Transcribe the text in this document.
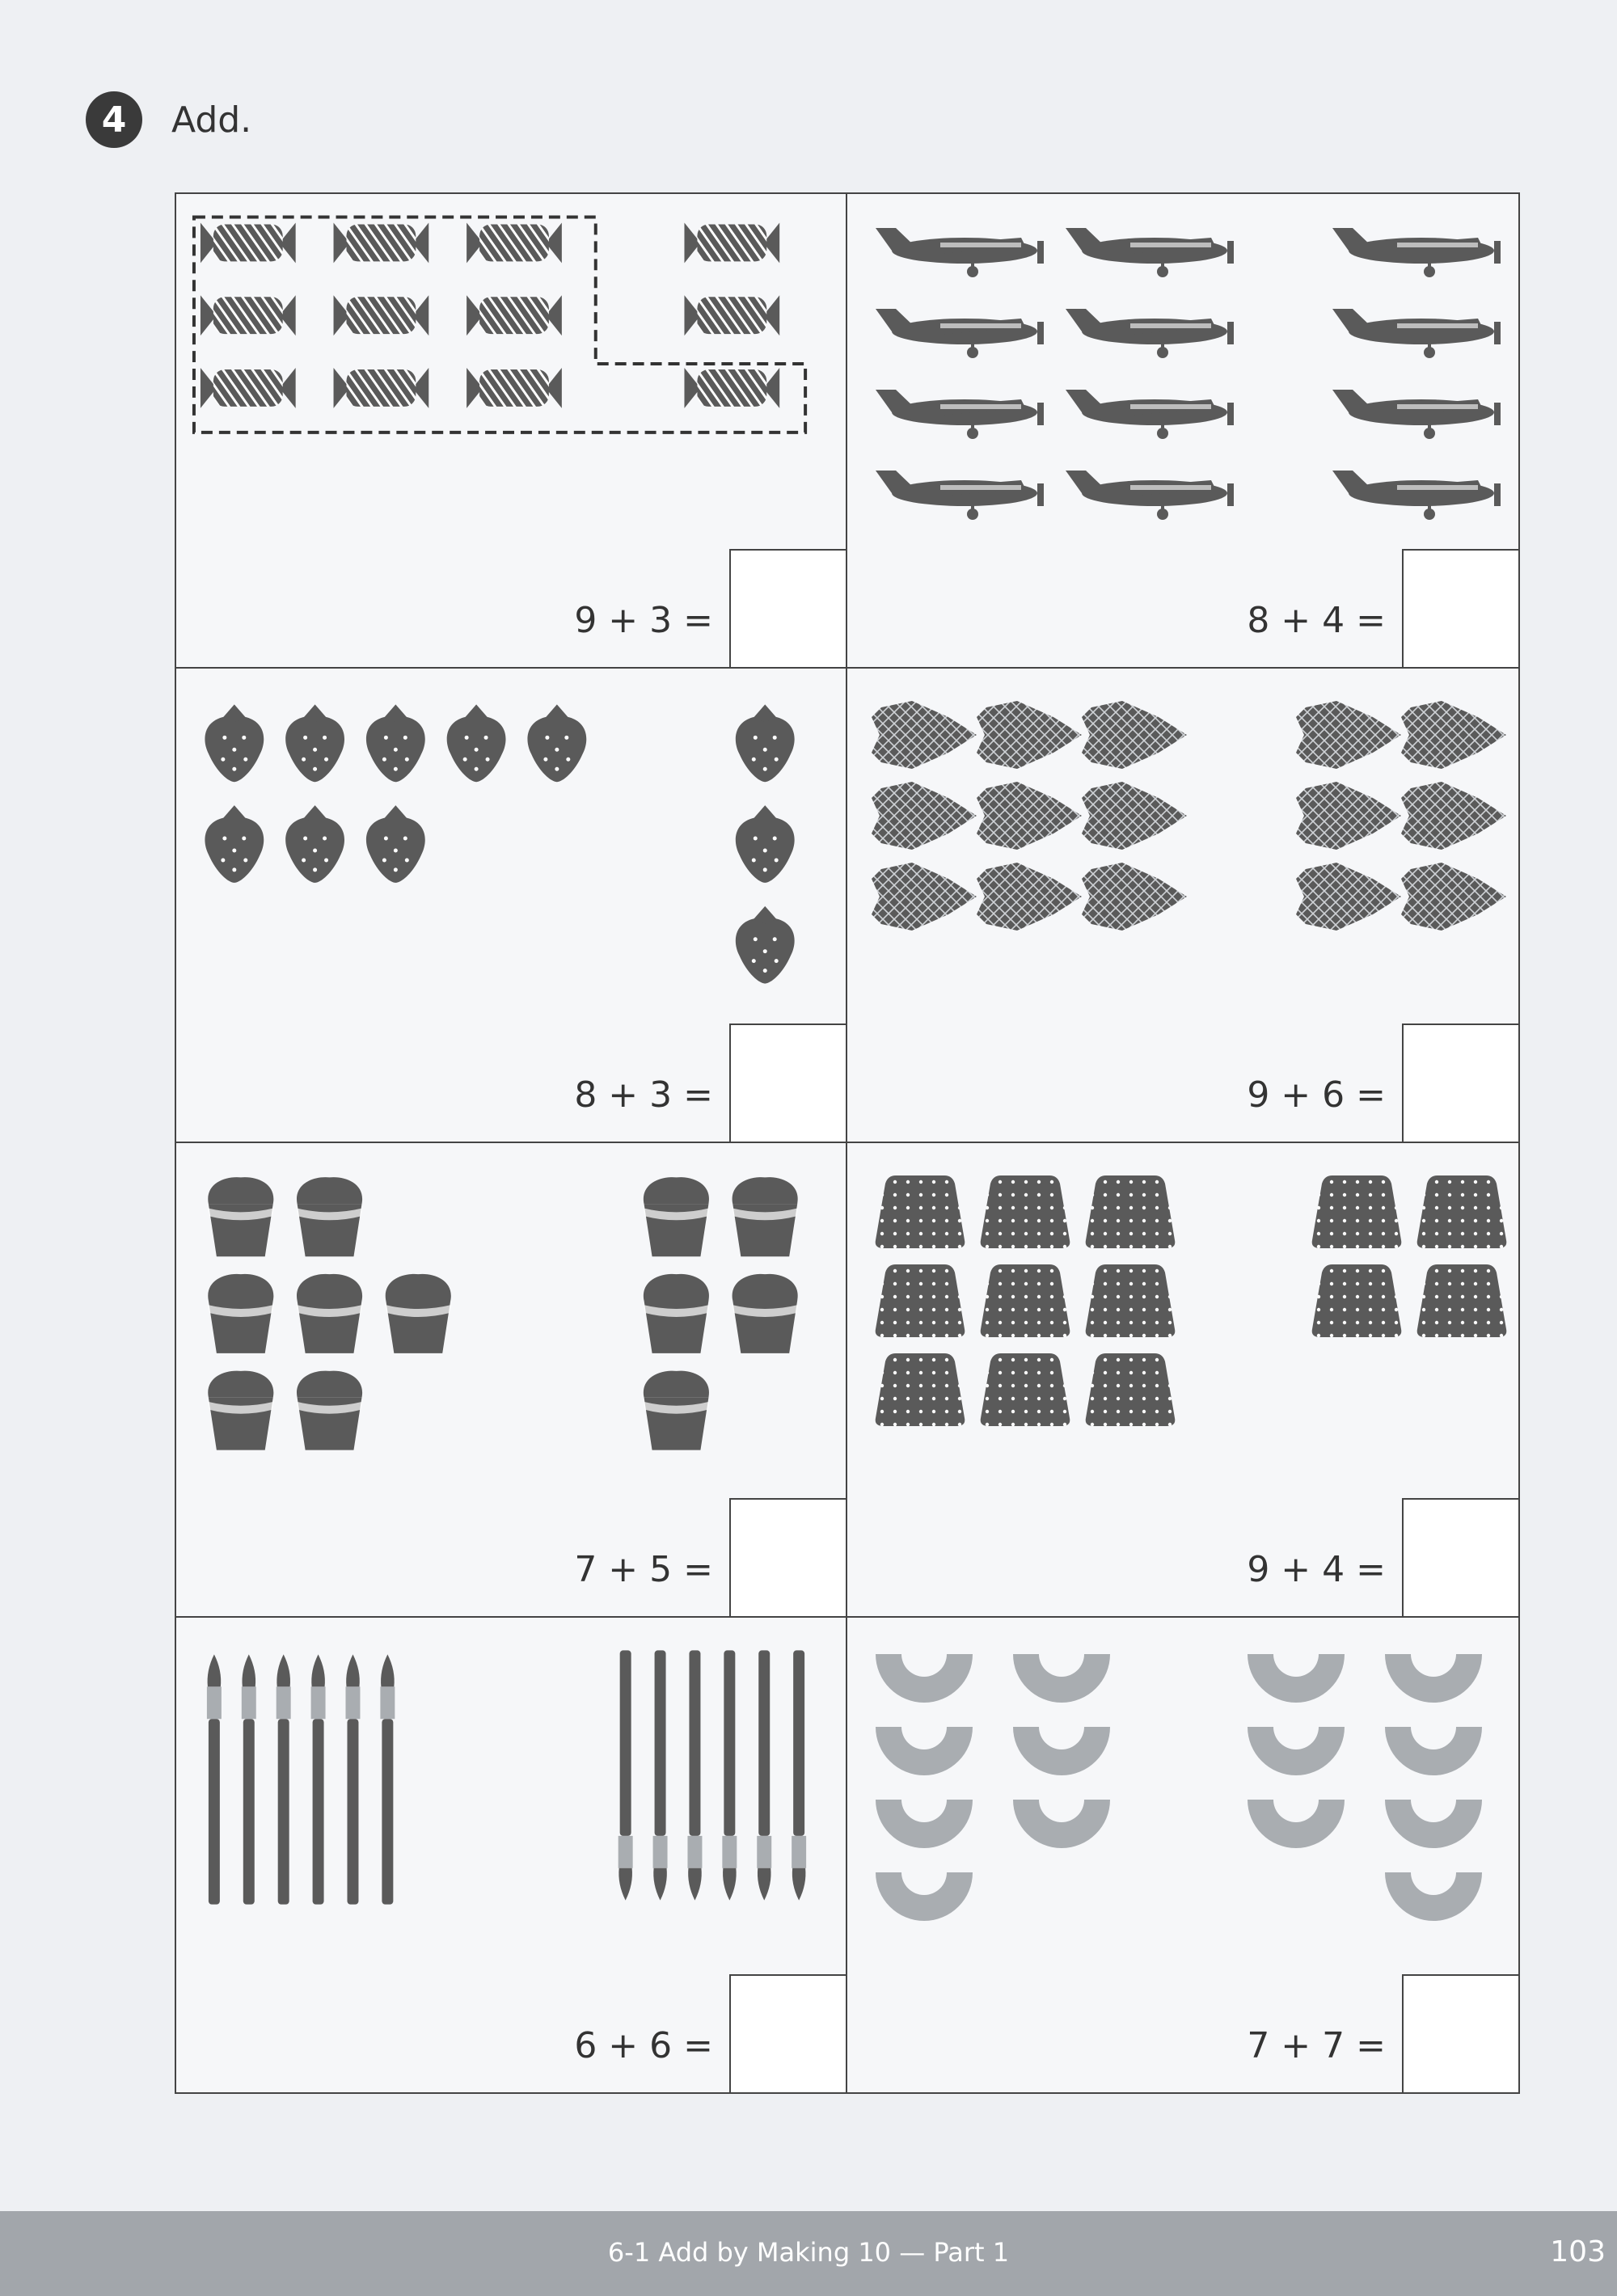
4	Add.
9 + 3 =	8 + 4 =
8 + 3 =	9 + 6 =
7 + 5 =	9 + 4 =
6 + 6 =	7 + 7 =
6-1 Add by Making 10 — Part 1	103
